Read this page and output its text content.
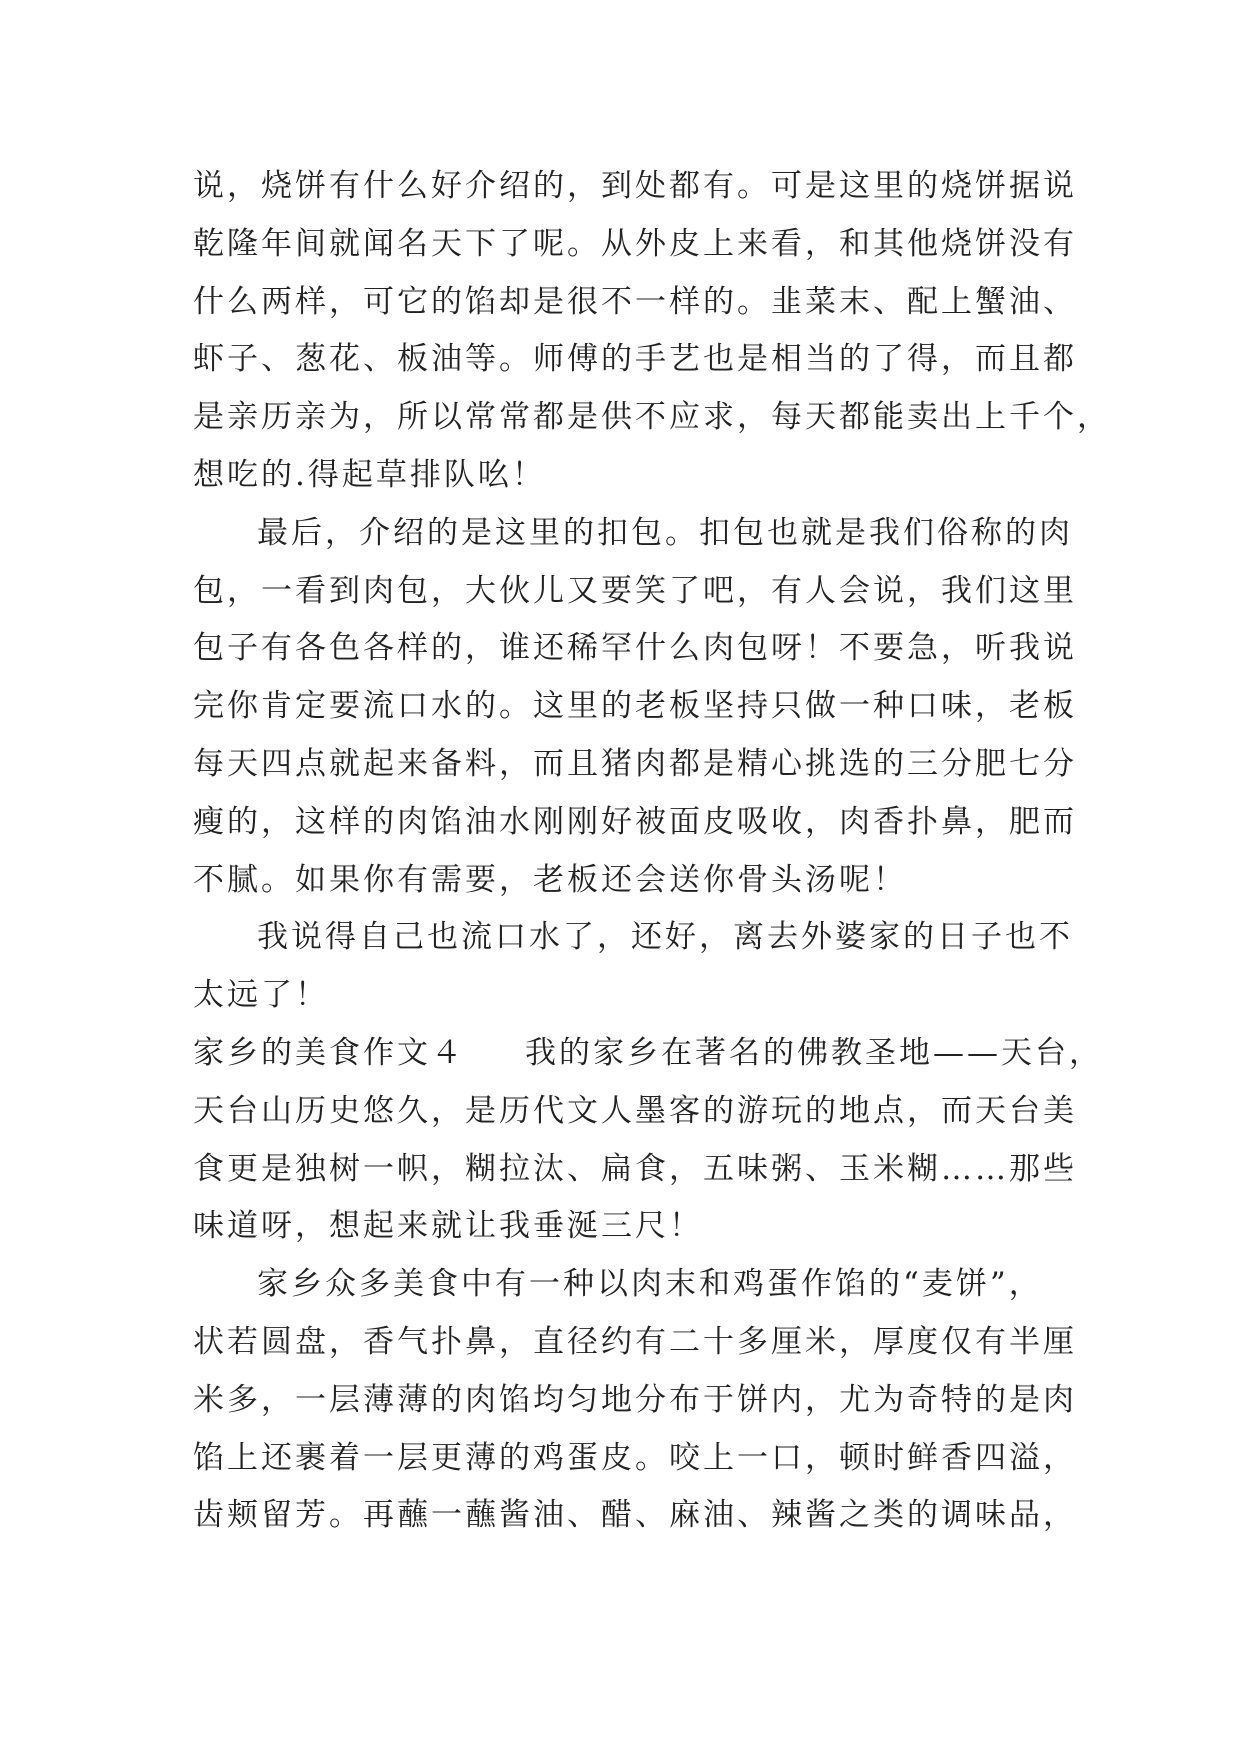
说，烧饼有什么好介绍的，到处都有。可是这里的烧饼据说
乾隆年间就闻名天下了呢。从外皮上来看，和其他烧饼没有
什么两样，可它的馅却是很不一样的。韭菜末、配上蟹油、
虾子、葱花、板油等。师傅的手艺也是相当的了得，而且都
是亲历亲为，所以常常都是供不应求，每天都能卖出上千个，
想吃的.得起草排队吆！
最后，介绍的是这里的扣包。扣包也就是我们俗称的肉
包，一看到肉包，大伙儿又要笑了吧，有人会说，我们这里
包子有各色各样的，谁还稀罕什么肉包呀！不要急，听我说
完你肯定要流口水的。这里的老板坚持只做一种口味，老板
每天四点就起来备料，而且猪肉都是精心挑选的三分肥七分
瘦的，这样的肉馅油水刚刚好被面皮吸收，肉香扑鼻，肥而
不腻。如果你有需要，老板还会送你骨头汤呢！
我说得自己也流口水了，还好，离去外婆家的日子也不
太远了！
家乡的美食作文４ 我的家乡在著名的佛教圣地——天台，
天台山历史悠久，是历代文人墨客的游玩的地点，而天台美
食更是独树一帜，糊拉汰、扁食，五味粥、玉米糊……那些
味道呀，想起来就让我垂涎三尺！
家乡众多美食中有一种以肉末和鸡蛋作馅的“麦饼”，
状若圆盘，香气扑鼻，直径约有二十多厘米，厚度仅有半厘
米多，一层薄薄的肉馅均匀地分布于饼内，尤为奇特的是肉
馅上还裹着一层更薄的鸡蛋皮。咬上一口，顿时鲜香四溢，
齿颊留芳。再蘸一蘸酱油、醋、麻油、辣酱之类的调味品，
